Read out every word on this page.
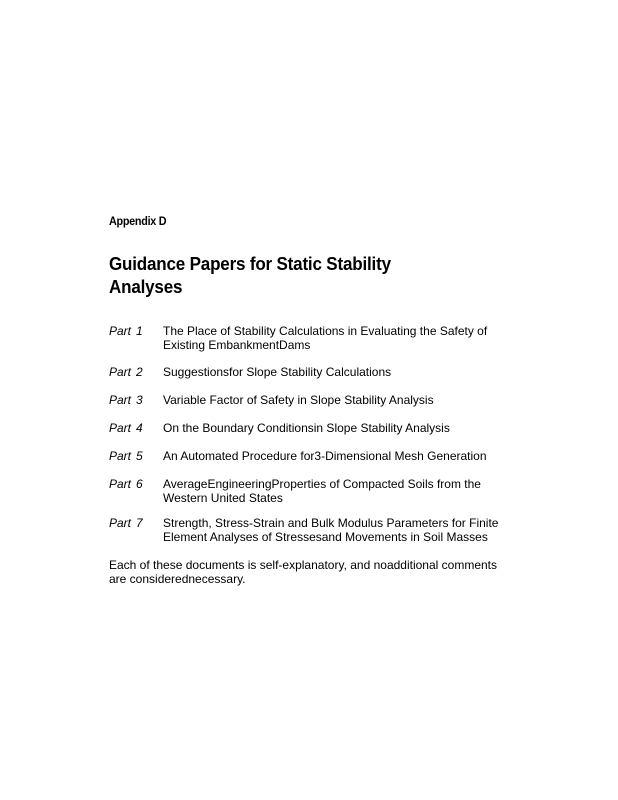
Appendix D
Guidance Papers for Static Stability
Analyses
Part 1 The Place of Stability Calculations in Evaluating the Safety of Existing EmbankmentDams
Part 2 Suggestionsfor Slope Stability Calculations
Part 3 Variable Factor of Safety in Slope Stability Analysis
Part 4 On the Boundary Conditionsin Slope Stability Analysis
Part 5 An Automated Procedure for3-Dimensional Mesh Generation
Part 6 AverageEngineeringProperties of Compacted Soils from the Western United States
Part 7 Strength, Stress-Strain and Bulk Modulus Parameters for Finite Element Analyses of Stressesand Movements in Soil Masses
Each of these documents is self-explanatory, and noadditional comments are considerednecessary.
